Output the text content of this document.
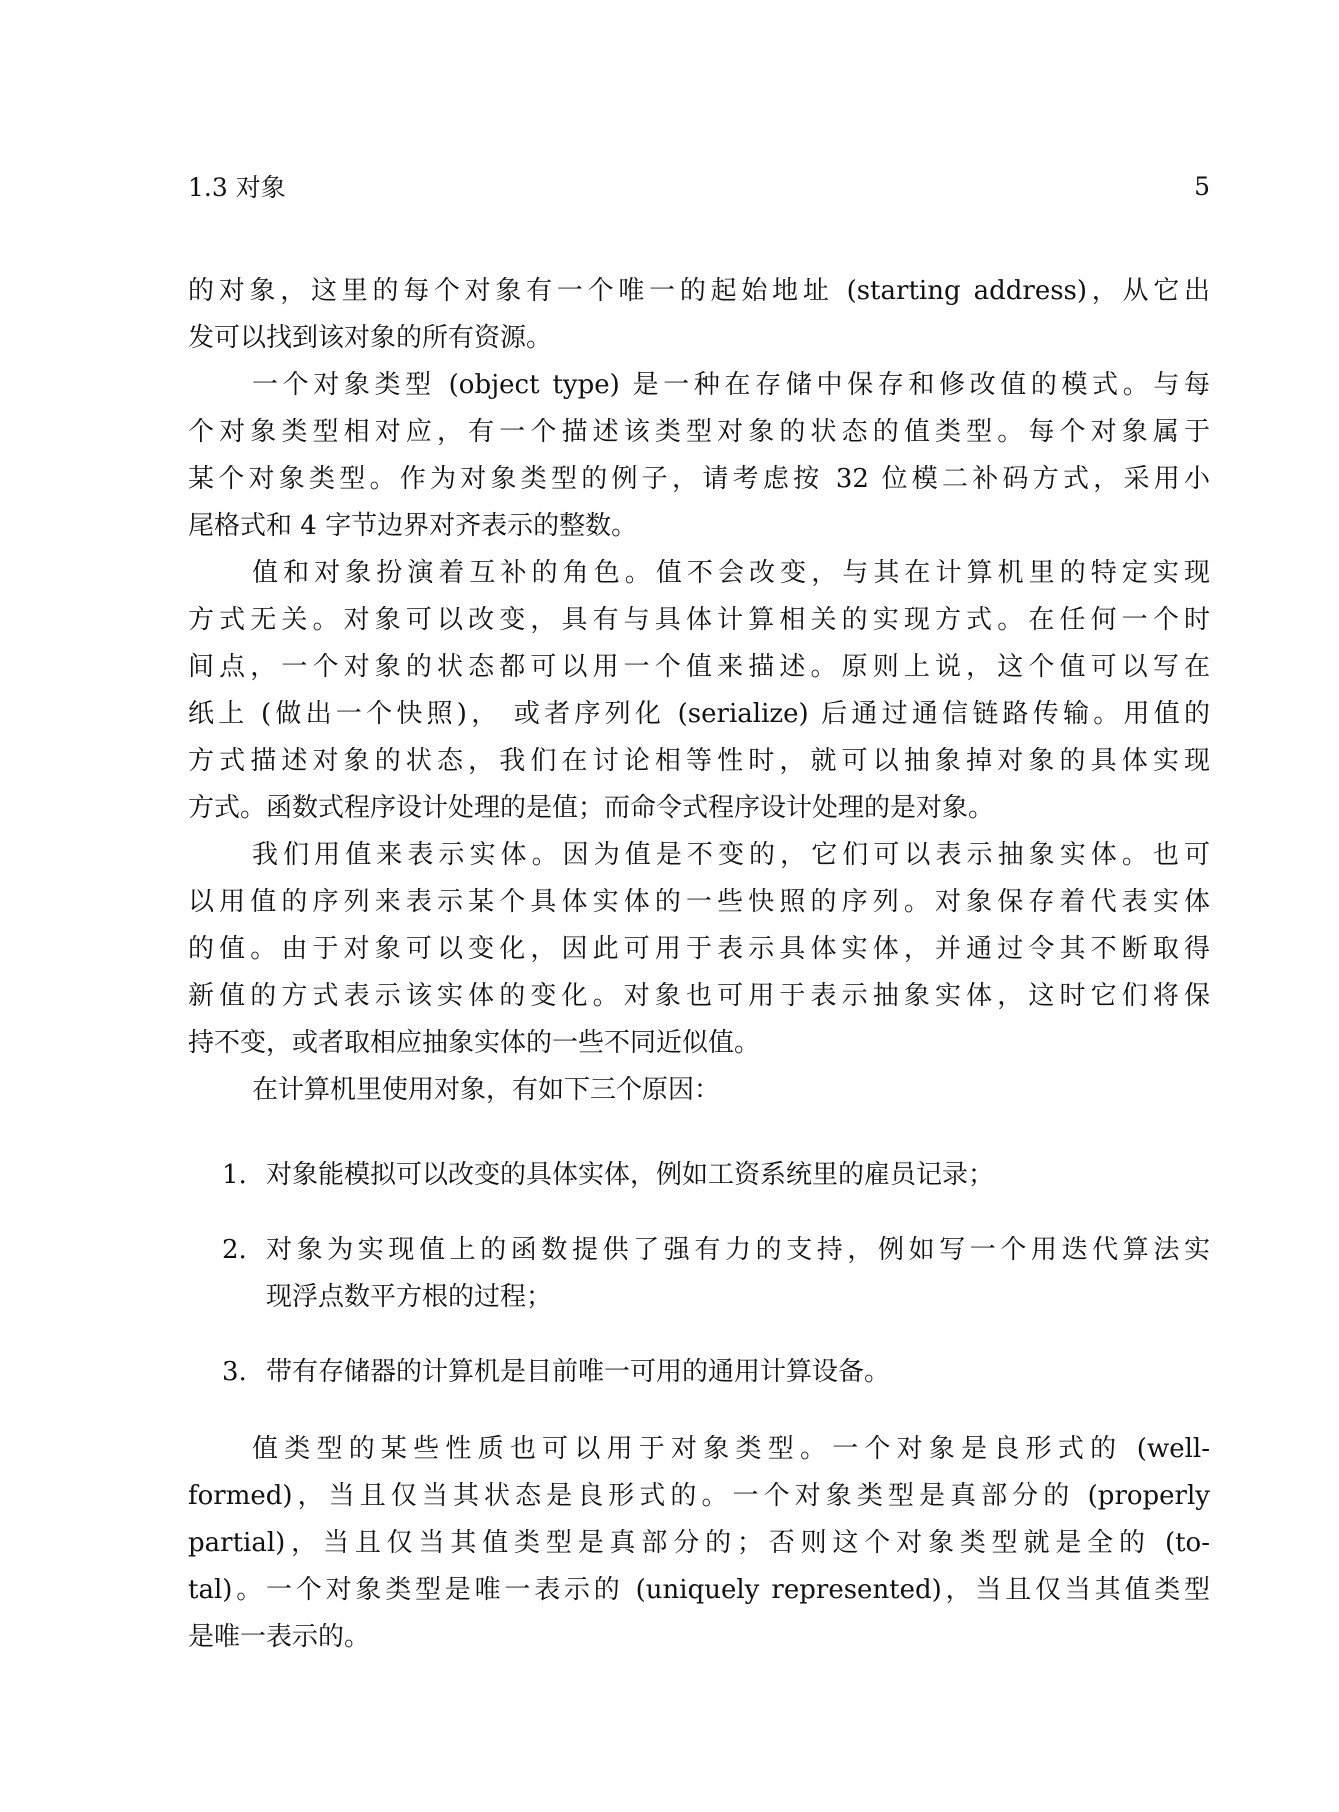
1.3 对象	5
的对象，这里的每个对象有一个唯一的起始地址 (starting address)，从它出
发可以找到该对象的所有资源。
一个对象类型 (object type) 是一种在存储中保存和修改值的模式。与每
个对象类型相对应，有一个描述该类型对象的状态的值类型。每个对象属于
某个对象类型。作为对象类型的例子，请考虑按 32 位模二补码方式，采用小
尾格式和 4 字节边界对齐表示的整数。
值和对象扮演着互补的角色。值不会改变，与其在计算机里的特定实现
方式无关。对象可以改变，具有与具体计算相关的实现方式。在任何一个时
间点，一个对象的状态都可以用一个值来描述。原则上说，这个值可以写在
纸上 (做出一个快照)， 或者序列化 (serialize) 后通过通信链路传输。用值的
方式描述对象的状态，我们在讨论相等性时，就可以抽象掉对象的具体实现
方式。函数式程序设计处理的是值；而命令式程序设计处理的是对象。
我们用值来表示实体。因为值是不变的，它们可以表示抽象实体。也可
以用值的序列来表示某个具体实体的一些快照的序列。对象保存着代表实体
的值。由于对象可以变化，因此可用于表示具体实体，并通过令其不断取得
新值的方式表示该实体的变化。对象也可用于表示抽象实体，这时它们将保
持不变，或者取相应抽象实体的一些不同近似值。
在计算机里使用对象，有如下三个原因：
1. 对象能模拟可以改变的具体实体，例如工资系统里的雇员记录；
2. 对象为实现值上的函数提供了强有力的支持，例如写一个用迭代算法实
现浮点数平方根的过程；
3. 带有存储器的计算机是目前唯一可用的通用计算设备。
值类型的某些性质也可以用于对象类型。一个对象是良形式的 (well-
formed)，当且仅当其状态是良形式的。一个对象类型是真部分的 (properly
partial)，当且仅当其值类型是真部分的；否则这个对象类型就是全的 (to-
tal)。一个对象类型是唯一表示的 (uniquely represented)，当且仅当其值类型
是唯一表示的。
